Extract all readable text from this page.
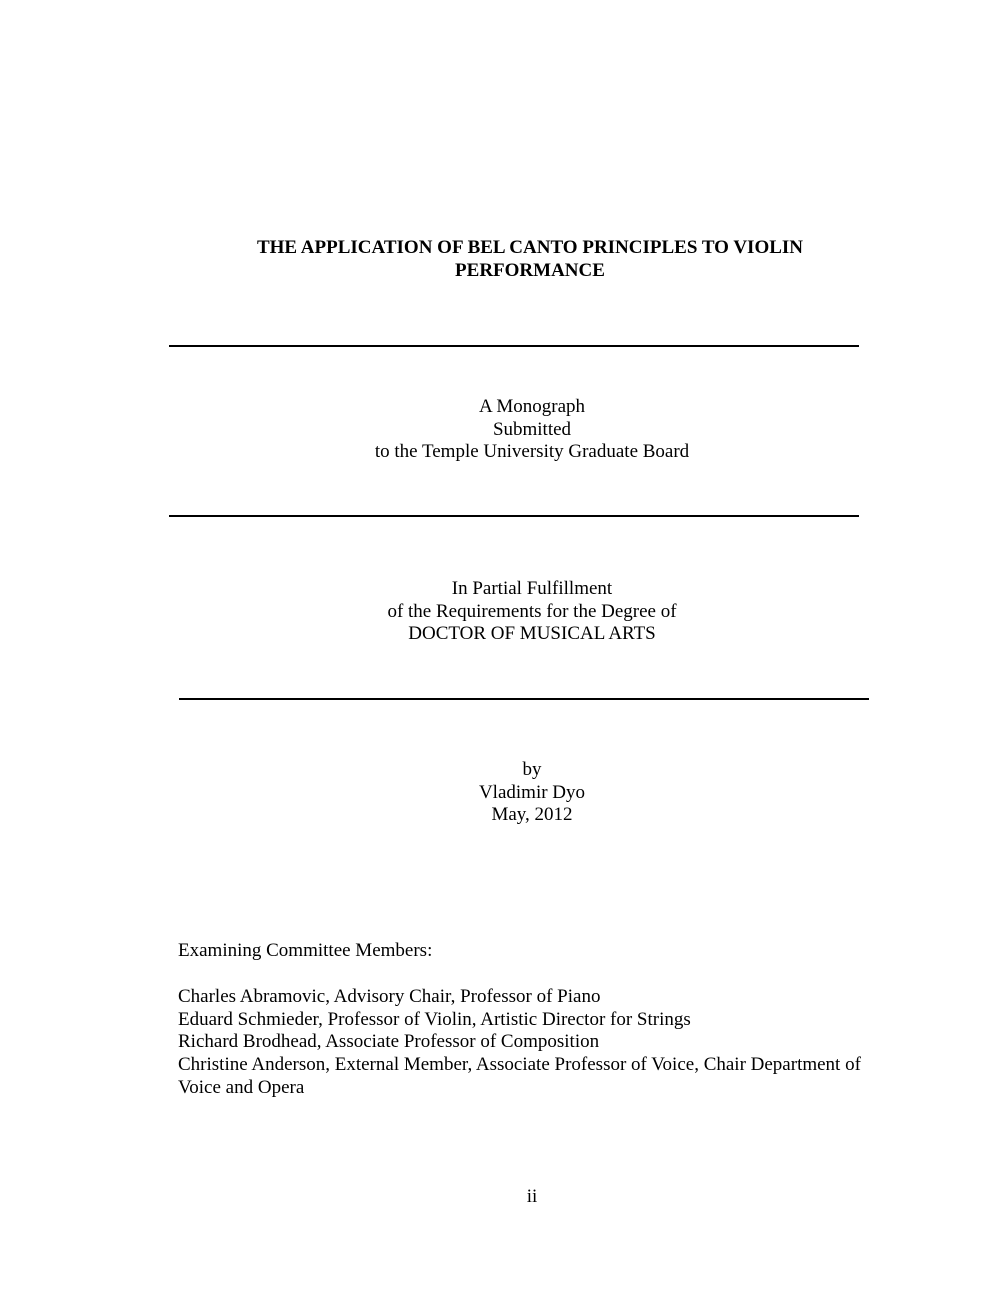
THE APPLICATION OF BEL CANTO PRINCIPLES TO VIOLIN
PERFORMANCE
A Monograph
Submitted
to the Temple University Graduate Board
In Partial Fulfillment
of the Requirements for the Degree of
DOCTOR OF MUSICAL ARTS
by
Vladimir Dyo
May, 2012
Examining Committee Members:
Charles Abramovic, Advisory Chair, Professor of Piano
Eduard Schmieder, Professor of Violin, Artistic Director for Strings
Richard Brodhead, Associate Professor of Composition
Christine Anderson, External Member, Associate Professor of Voice, Chair Department of Voice and Opera
ii
